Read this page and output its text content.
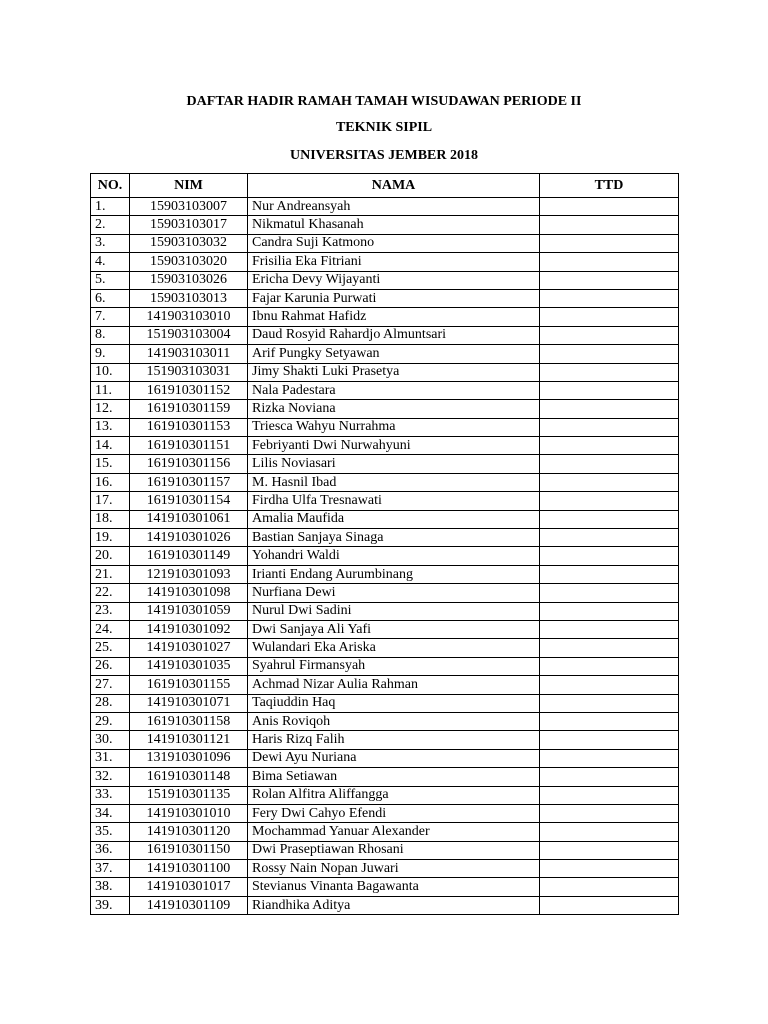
DAFTAR HADIR RAMAH TAMAH WISUDAWAN PERIODE II
TEKNIK SIPIL
UNIVERSITAS JEMBER 2018
NO.	NIM	NAMA	TTD
1.	15903103007	Nur Andreansyah	
2.	15903103017	Nikmatul Khasanah	
3.	15903103032	Candra Suji Katmono	
4.	15903103020	Frisilia Eka Fitriani	
5.	15903103026	Ericha Devy Wijayanti	
6.	15903103013	Fajar Karunia Purwati	
7.	141903103010	Ibnu Rahmat Hafidz	
8.	151903103004	Daud Rosyid Rahardjo Almuntsari	
9.	141903103011	Arif Pungky Setyawan	
10.	151903103031	Jimy Shakti Luki Prasetya	
11.	161910301152	Nala Padestara	
12.	161910301159	Rizka Noviana	
13.	161910301153	Triesca Wahyu Nurrahma	
14.	161910301151	Febriyanti Dwi Nurwahyuni	
15.	161910301156	Lilis Noviasari	
16.	161910301157	M. Hasnil Ibad	
17.	161910301154	Firdha Ulfa Tresnawati	
18.	141910301061	Amalia Maufida	
19.	141910301026	Bastian Sanjaya Sinaga	
20.	161910301149	Yohandri Waldi	
21.	121910301093	Irianti Endang Aurumbinang	
22.	141910301098	Nurfiana Dewi	
23.	141910301059	Nurul Dwi Sadini	
24.	141910301092	Dwi Sanjaya Ali Yafi	
25.	141910301027	Wulandari Eka Ariska	
26.	141910301035	Syahrul Firmansyah	
27.	161910301155	Achmad Nizar Aulia Rahman	
28.	141910301071	Taqiuddin Haq	
29.	161910301158	Anis Roviqoh	
30.	141910301121	Haris Rizq Falih	
31.	131910301096	Dewi Ayu Nuriana	
32.	161910301148	Bima Setiawan	
33.	151910301135	Rolan Alfitra Aliffangga	
34.	141910301010	Fery Dwi Cahyo Efendi	
35.	141910301120	Mochammad Yanuar Alexander	
36.	161910301150	Dwi Praseptiawan Rhosani	
37.	141910301100	Rossy Nain Nopan Juwari	
38.	141910301017	Stevianus Vinanta Bagawanta	
39.	141910301109	Riandhika Aditya	
